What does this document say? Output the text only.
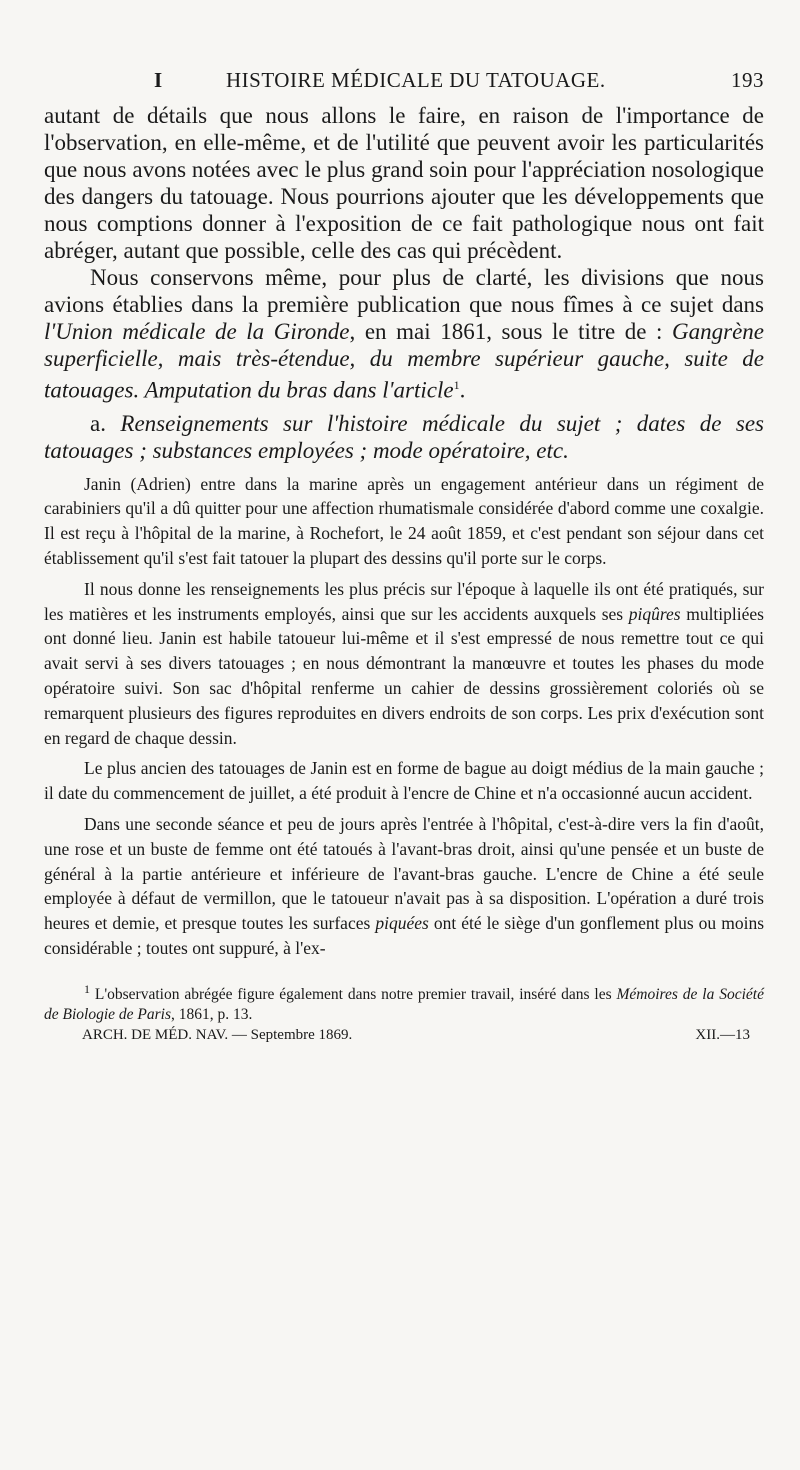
I	HISTOIRE MÉDICALE DU TATOUAGE.	193

autant de détails que nous allons le faire, en raison de l'importance de l'observation, en elle-même, et de l'utilité que peuvent avoir les particularités que nous avons notées avec le plus grand soin pour l'appréciation nosologique des dangers du tatouage. Nous pourrions ajouter que les développements que nous comptions donner à l'exposition de ce fait pathologique nous ont fait abréger, autant que possible, celle des cas qui précèdent.

Nous conservons même, pour plus de clarté, les divisions que nous avions établies dans la première publication que nous fîmes à ce sujet dans l'Union médicale de la Gironde, en mai 1861, sous le titre de : Gangrène superficielle, mais très-étendue, du membre supérieur gauche, suite de tatouages. Amputation du bras dans l'article$^1$.

a. Renseignements sur l'histoire médicale du sujet ; dates de ses tatouages ; substances employées ; mode opératoire, etc.

Janin (Adrien) entre dans la marine après un engagement antérieur dans un régiment de carabiniers qu'il a dû quitter pour une affection rhumatismale considérée d'abord comme une coxalgie. Il est reçu à l'hôpital de la marine, à Rochefort, le 24 août 1859, et c'est pendant son séjour dans cet établissement qu'il s'est fait tatouer la plupart des dessins qu'il porte sur le corps.

Il nous donne les renseignements les plus précis sur l'époque à laquelle ils ont été pratiqués, sur les matières et les instruments employés, ainsi que sur les accidents auxquels ses piqûres multipliées ont donné lieu. Janin est habile tatoueur lui-même et il s'est empressé de nous remettre tout ce qui avait servi à ses divers tatouages ; en nous démontrant la manœuvre et toutes les phases du mode opératoire suivi. Son sac d'hôpital renferme un cahier de dessins grossièrement coloriés où se remarquent plusieurs des figures reproduites en divers endroits de son corps. Les prix d'exécution sont en regard de chaque dessin.

Le plus ancien des tatouages de Janin est en forme de bague au doigt médius de la main gauche ; il date du commencement de juillet, a été produit à l'encre de Chine et n'a occasionné aucun accident.

Dans une seconde séance et peu de jours après l'entrée à l'hôpital, c'est-à-dire vers la fin d'août, une rose et un buste de femme ont été tatoués à l'avant-bras droit, ainsi qu'une pensée et un buste de général à la partie antérieure et inférieure de l'avant-bras gauche. L'encre de Chine a été seule employée à défaut de vermillon, que le tatoueur n'avait pas à sa disposition. L'opération a duré trois heures et demie, et presque toutes les surfaces piquées ont été le siège d'un gonflement plus ou moins considérable ; toutes ont suppuré, à l'ex-

$^1$ L'observation abrégée figure également dans notre premier travail, inséré dans les Mémoires de la Société de Biologie de Paris, 1861, p. 13.

ARCH. DE MÉD. NAV. — Septembre 1869.	XII.—13
